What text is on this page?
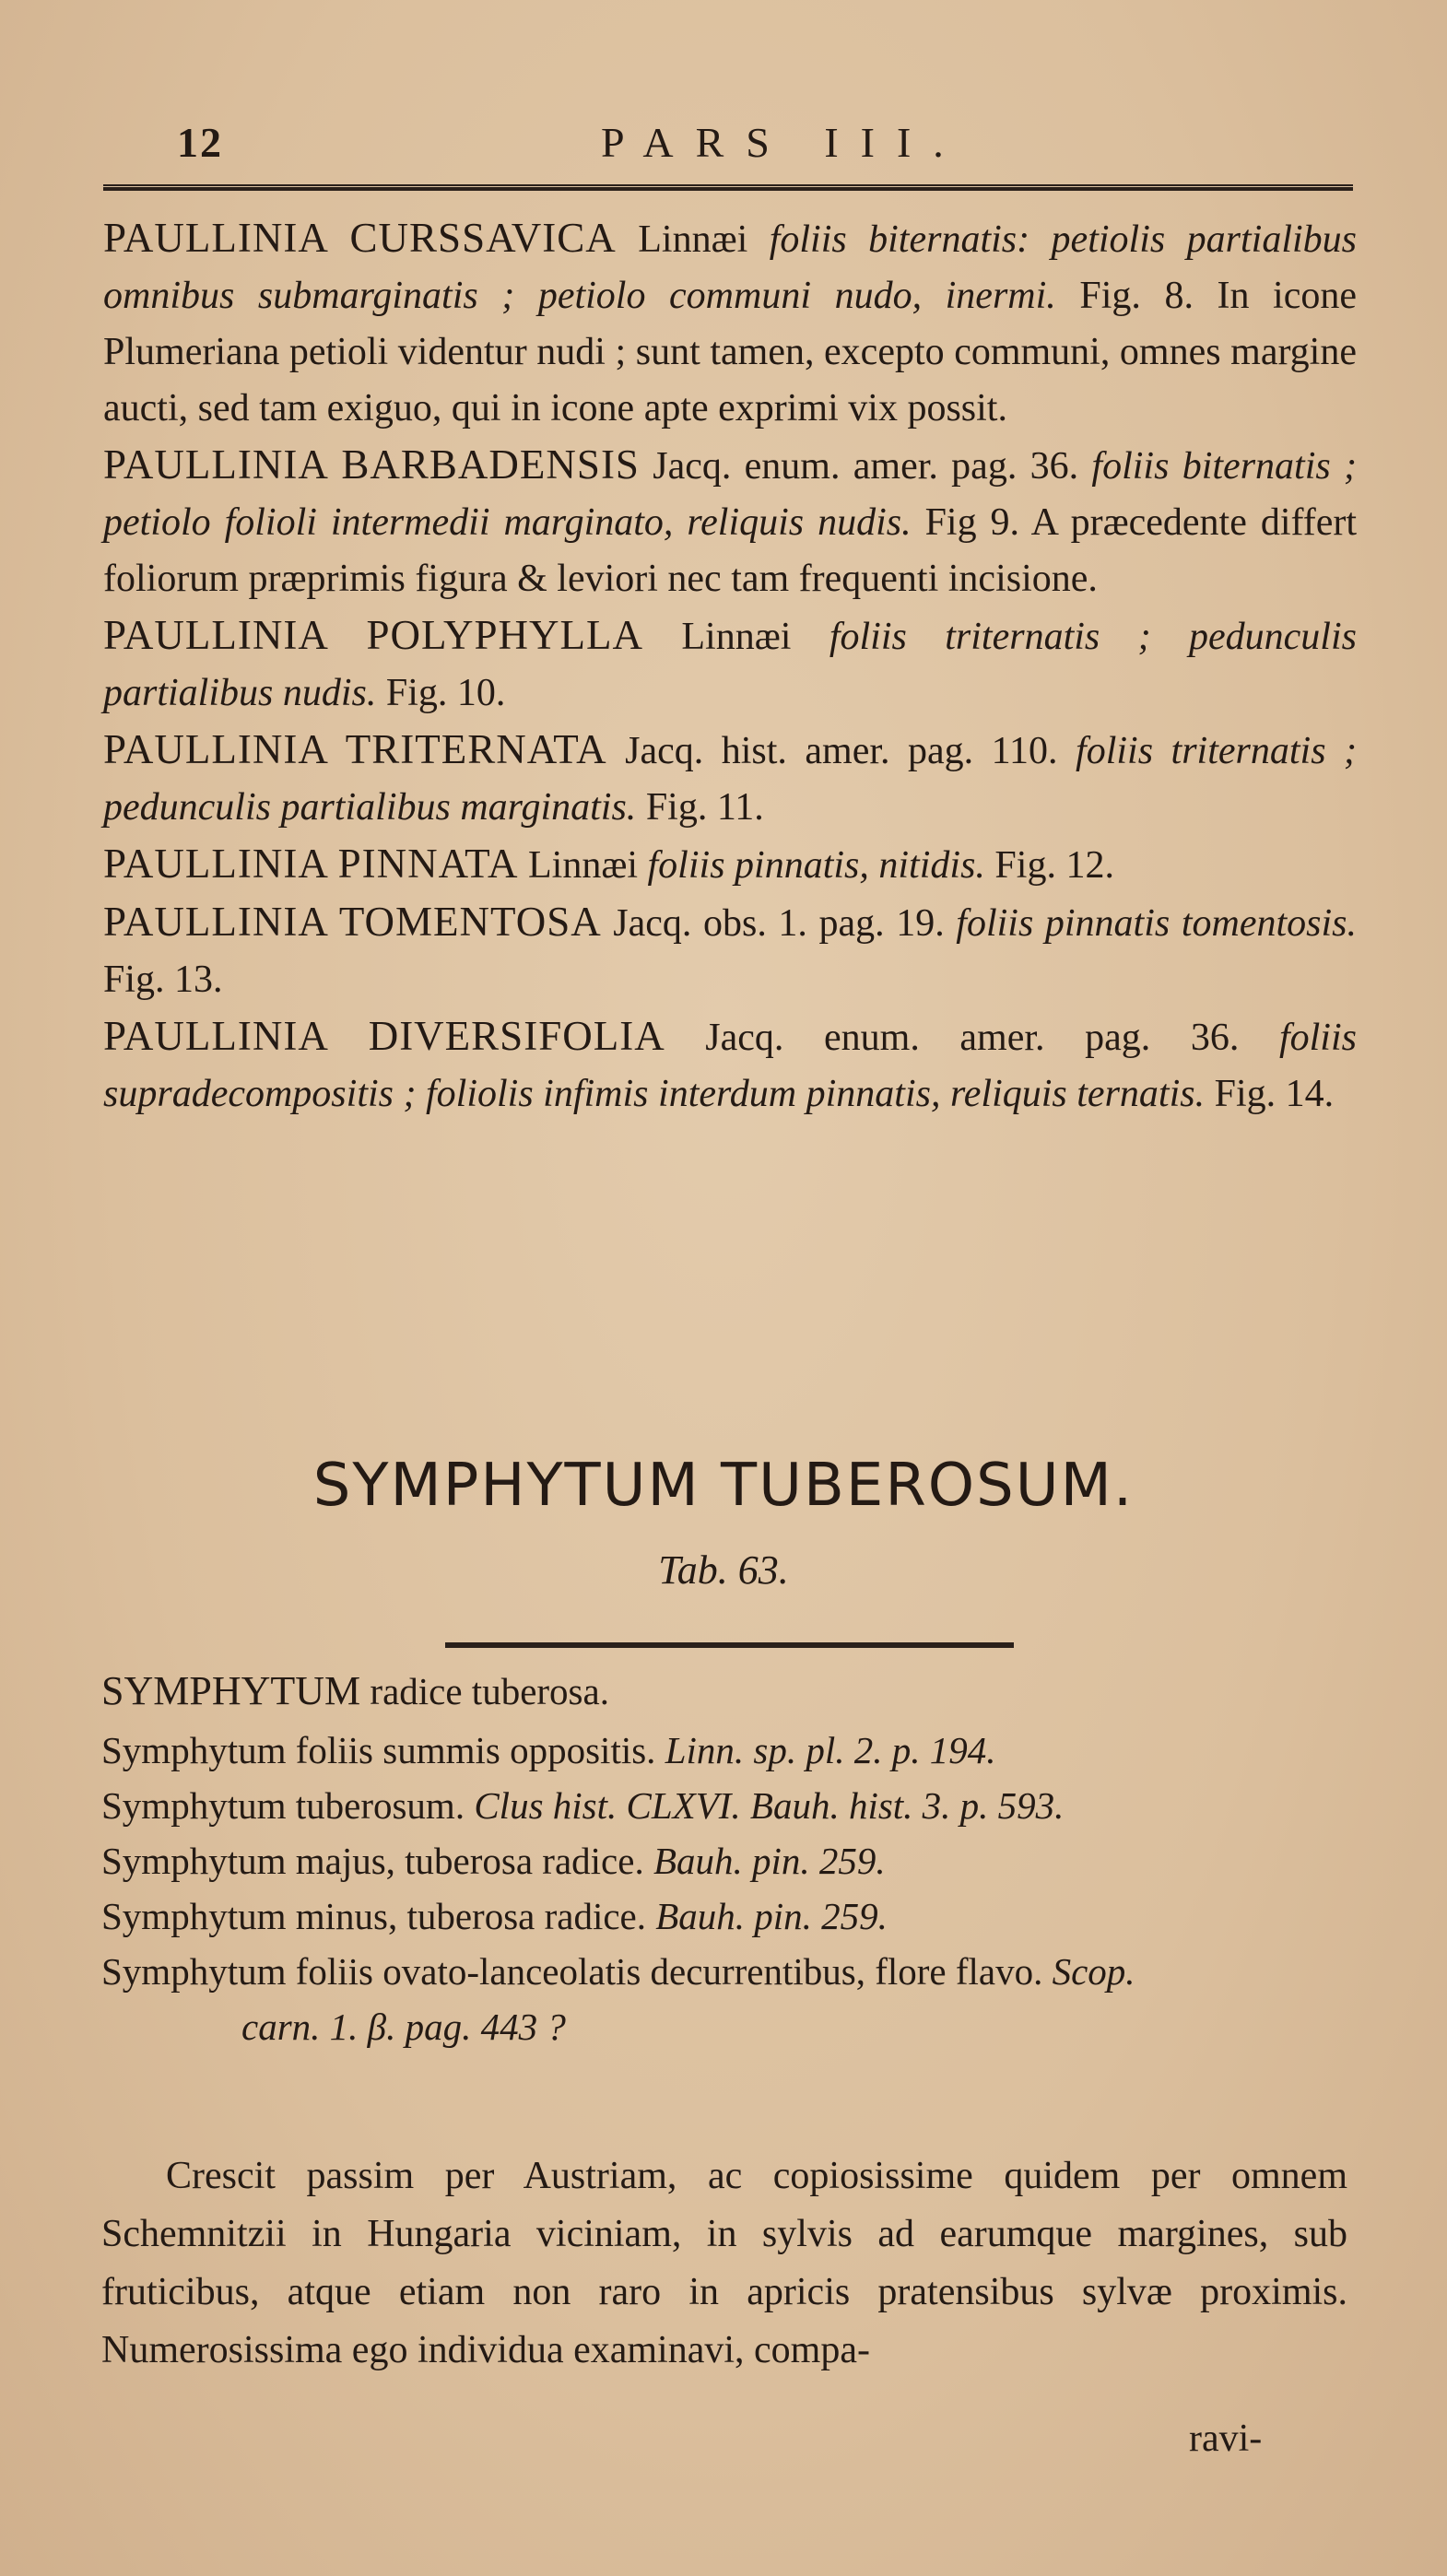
12	PARS III.

PAULLINIA CURSSAVICA Linnæi foliis biternatis: petiolis partialibus omnibus submarginatis ; petiolo communi nudo, inermi. Fig. 8. In icone Plumeriana petioli videntur nudi ; sunt tamen, excepto communi, omnes margine aucti, sed tam exiguo, qui in icone apte exprimi vix possit.

PAULLINIA BARBADENSIS Jacq. enum. amer. pag. 36. foliis biternatis ; petiolo folioli intermedii marginato, reliquis nudis. Fig 9. A præcedente differt foliorum præprimis figura & leviori nec tam frequenti incisione.

PAULLINIA POLYPHYLLA Linnæi foliis triternatis ; pedunculis partialibus nudis. Fig. 10.

PAULLINIA TRITERNATA Jacq. hist. amer. pag. 110. foliis triternatis ; pedunculis partialibus marginatis. Fig. 11.

PAULLINIA PINNATA Linnæi foliis pinnatis, nitidis. Fig. 12.

PAULLINIA TOMENTOSA Jacq. obs. 1. pag. 19. foliis pinnatis tomentosis. Fig. 13.

PAULLINIA DIVERSIFOLIA Jacq. enum. amer. pag. 36. foliis supradecompositis ; foliolis infimis interdum pinnatis, reliquis ternatis. Fig. 14.

SYMPHYTUM TUBEROSUM.
Tab. 63.

SYMPHYTUM radice tuberosa.

Symphytum foliis summis oppositis. Linn. sp. pl. 2. p. 194.

Symphytum tuberosum. Clus hist. CLXVI. Bauh. hist. 3. p. 593.

Symphytum majus, tuberosa radice. Bauh. pin. 259.

Symphytum minus, tuberosa radice. Bauh. pin. 259.

Symphytum foliis ovato-lanceolatis decurrentibus, flore flavo. Scop.

carn. 1. β. pag. 443 ?

Crescit passim per Austriam, ac copiosissime quidem per omnem Schemnitzii in Hungaria viciniam, in sylvis ad earumque margines, sub fruticibus, atque etiam non raro in apricis pratensibus sylvæ proximis. Numerosissima ego individua examinavi, compa-

ravi-
